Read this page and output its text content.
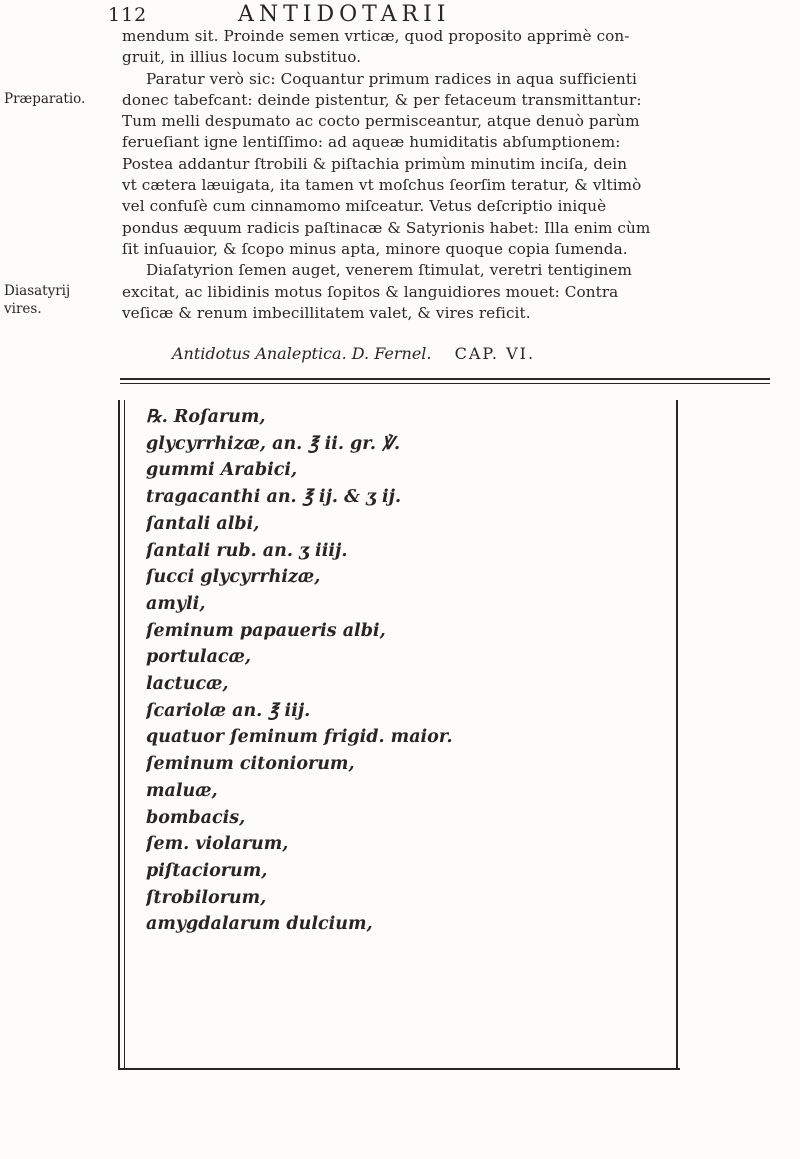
112	ANTIDOTARII
Præparatio.
Diasatyrij
vires.
mendum sit. Proinde semen vrticæ, quod proposito apprimè con-
gruit, in illius locum substituo.
Paratur verò sic: Coquantur primum radices in aqua sufficienti
donec tabefcant: deinde pistentur, & per fetaceum transmittantur:
Tum melli despumato ac cocto permisceantur, atque denuò parùm
ferueſiant igne lentiſſimo: ad aqueæ humiditatis abſumptionem:
Postea addantur ſtrobili & piſtachia primùm minutim inciſa, dein
vt cætera læuigata, ita tamen vt moſchus ſeorſim teratur, & vltimò
vel confuſè cum cinnamomo miſceatur. Vetus deſcriptio iniquè
pondus æquum radicis paſtinacæ & Satyrionis habet: Illa enim cùm
ſit inſuauior, & ſcopo minus apta, minore quoque copia ſumenda.
Diaſatyrion ſemen auget, venerem ſtimulat, veretri tentiginem
excitat, ac libidinis motus ſopitos & languidiores mouet: Contra
veſicæ & renum imbecillitatem valet, & vires reficit.
Antidotus Analeptica. D. Fernel. CAP. VI.
℞. Roſarum,
glycyrrhizæ, an. ℥ ii. gr. ℣.
gummi Arabici,
tragacanthi an. ℥ ij. & ʒ ij.
ſantali albi,
ſantali rub. an. ʒ iiij.
ſucci glycyrrhizæ,
amyli,
ſeminum papaueris albi,
portulacæ,
lactucæ,
ſcariolæ an. ℥ iij.
quatuor ſeminum frigid. maior.
ſeminum citoniorum,
maluæ,
bombacis,
ſem. violarum,
piſtaciorum,
ſtrobilorum,
amygdalarum dulcium,
